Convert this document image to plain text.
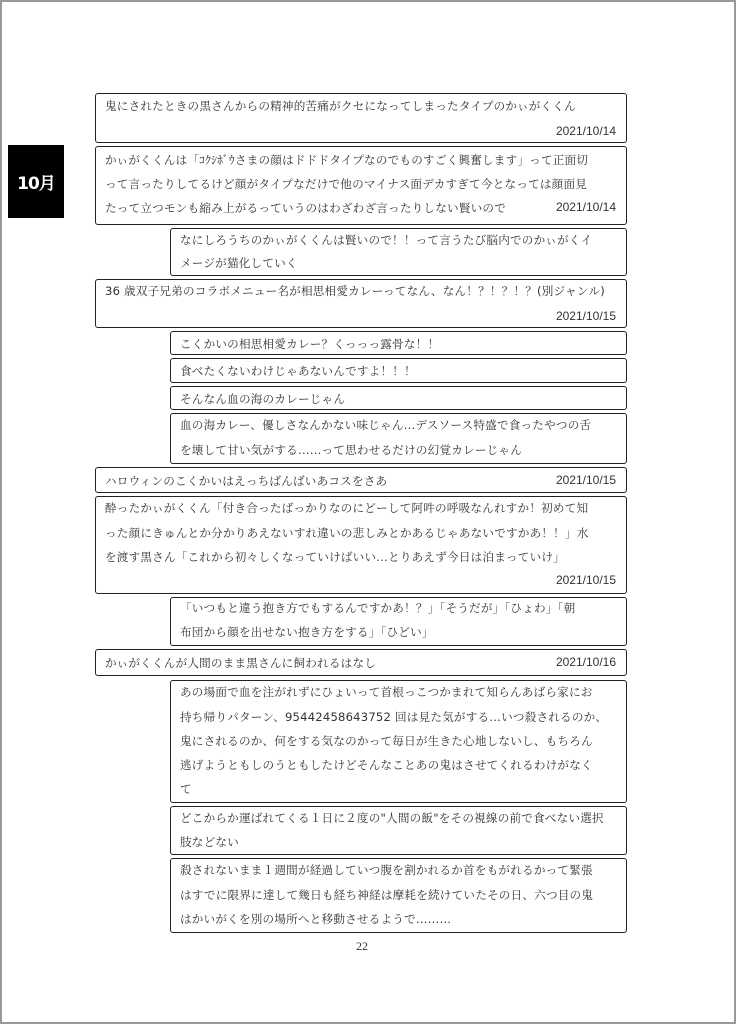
10月
鬼にされたときの黒さんからの精神的苦痛がクセになってしまったタイプのかぃがくくん
2021/10/14
かぃがくくんは「ｺｸｼﾎﾞｳさまの顔はドドドタイプなのでものすごく興奮します」って正面切
って言ったりしてるけど顔がタイプなだけで他のマイナス面デカすぎて今となっては顔面見
たって立つモンも縮み上がるっていうのはわざわざ言ったりしない賢いので	2021/10/14
なにしろうちのかぃがくくんは賢いので！！って言うたび脳内でのかぃがくイ
メージが猫化していく
36 歳双子兄弟のコラボメニュー名が相思相愛カレーってなん、なん！？！？！？(別ジャンル)
2021/10/15
こくかいの相思相愛カレー？くっっっ露骨な！！
食べたくないわけじゃあないんですよ！！！
そんなん血の海のカレーじゃん
血の海カレー、優しさなんかない味じゃん…デスソース特盛で食ったやつの舌
を壊して甘い気がする……って思わせるだけの幻覚カレーじゃん
ハロウィンのこくかいはえっちばんばいあコスをさあ	2021/10/15
酔ったかぃがくくん「付き合ったばっかりなのにどーして阿吽の呼吸なんれすか！初めて知
った顔にきゅんとか分かりあえないすれ違いの悲しみとかあるじゃあないですかあ！！」水
を渡す黒さん「これから初々しくなっていけばいい…とりあえず今日は泊まっていけ」
2021/10/15
「いつもと違う抱き方でもするんですかあ！？」「そうだが」「ひょわ」「朝
布団から顔を出せない抱き方をする」「ひどい」
かぃがくくんが人間のまま黒さんに飼われるはなし	2021/10/16
あの場面で血を注がれずにひょいって首根っこつかまれて知らんあばら家にお
持ち帰りパターン、95442458643752 回は見た気がする…いつ殺されるのか、
鬼にされるのか、何をする気なのかって毎日が生きた心地しないし、もちろん
逃げようともしのうともしたけどそんなことあの鬼はさせてくれるわけがなく
て
どこからか運ばれてくる１日に２度の"人間の飯"をその視線の前で食べない選択
肢などない
殺されないまま１週間が経過していつ腹を割かれるか首をもがれるかって緊張
はすでに限界に達して幾日も経ち神経は摩耗を続けていたその日、六つ目の鬼
はかいがくを別の場所へと移動させるようで………
22
